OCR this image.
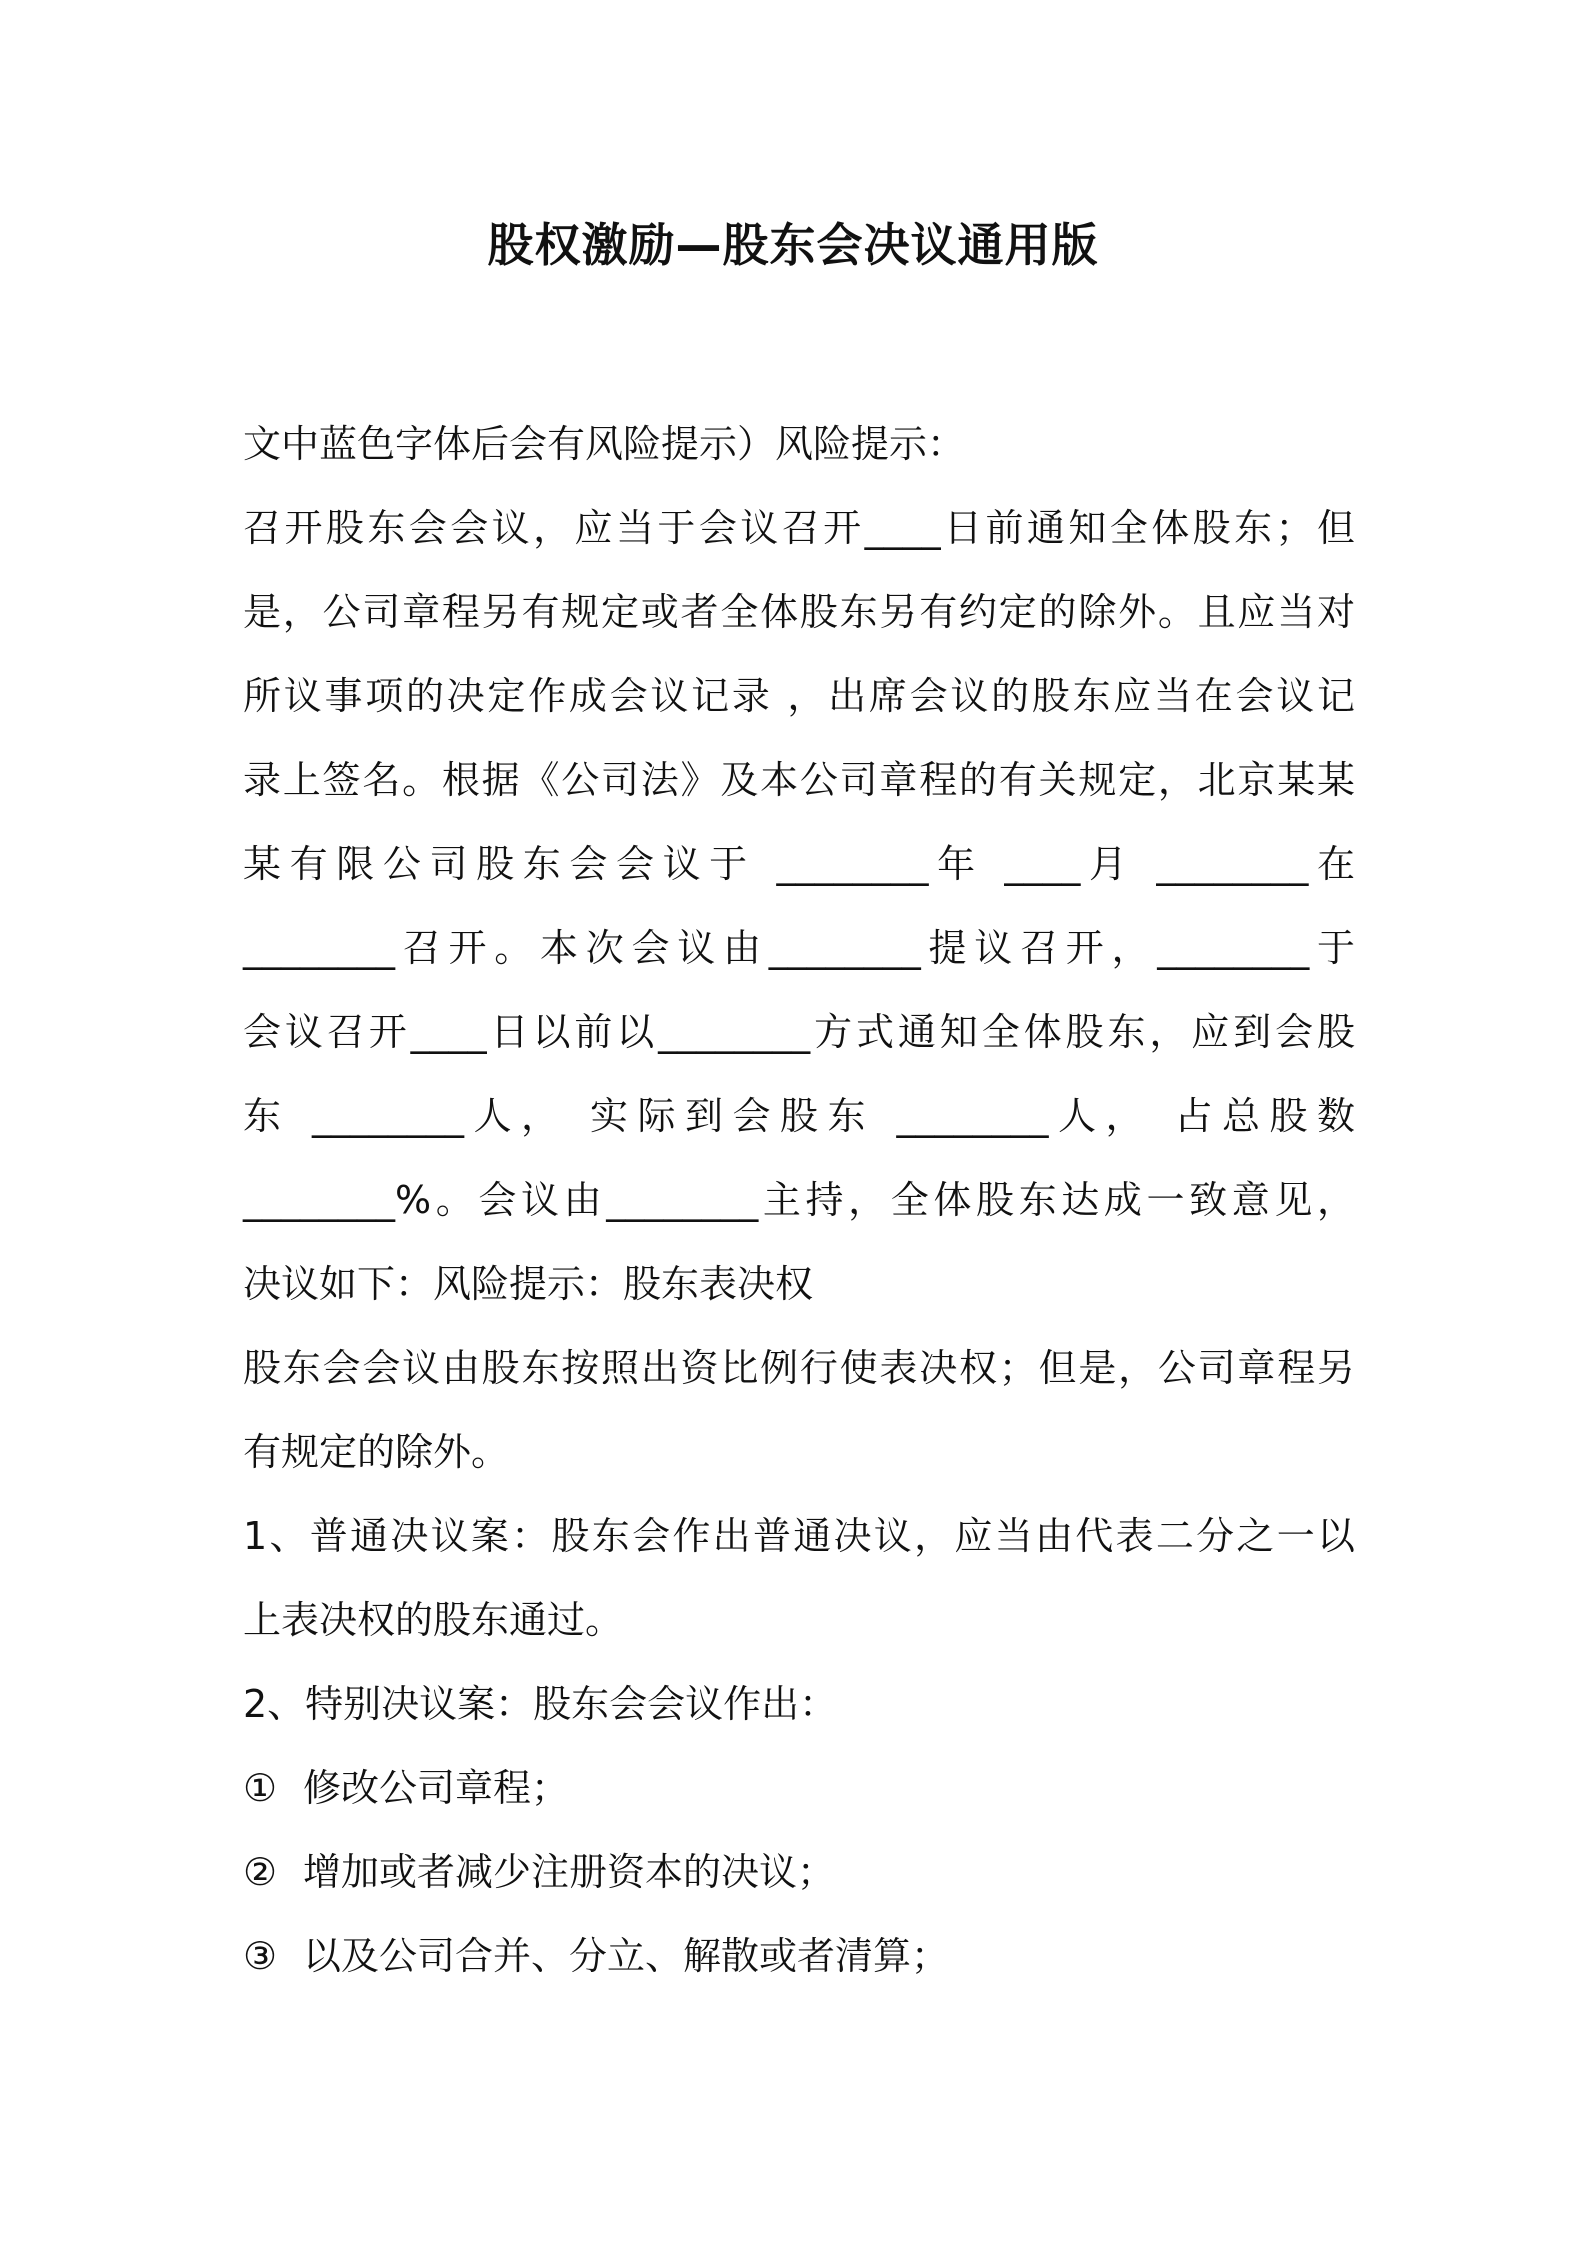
股权激励—股东会决议通用版
文中蓝色字体后会有风险提示）风险提示：
召开股东会会议，应当于会议召开____日前通知全体股东；但
是，公司章程另有规定或者全体股东另有约定的除外。且应当对
所议事项的决定作成会议记录 ，出席会议的股东应当在会议记
录上签名。根据《公司法》及本公司章程的有关规定，北京某某
某有限公司股东会会议于 ________年 ____月 ________在
________召开。本次会议由________提议召开，________于
会议召开____日以前以________方式通知全体股东，应到会股
东 ________人， 实际到会股东 ________人， 占总股数
________%。会议由________主持，全体股东达成一致意见，
决议如下：风险提示：股东表决权
股东会会议由股东按照出资比例行使表决权；但是，公司章程另
有规定的除外。
1、普通决议案：股东会作出普通决议，应当由代表二分之一以
上表决权的股东通过。
2、特别决议案：股东会会议作出：
① 修改公司章程；
② 增加或者减少注册资本的决议；
③ 以及公司合并、分立、解散或者清算；
